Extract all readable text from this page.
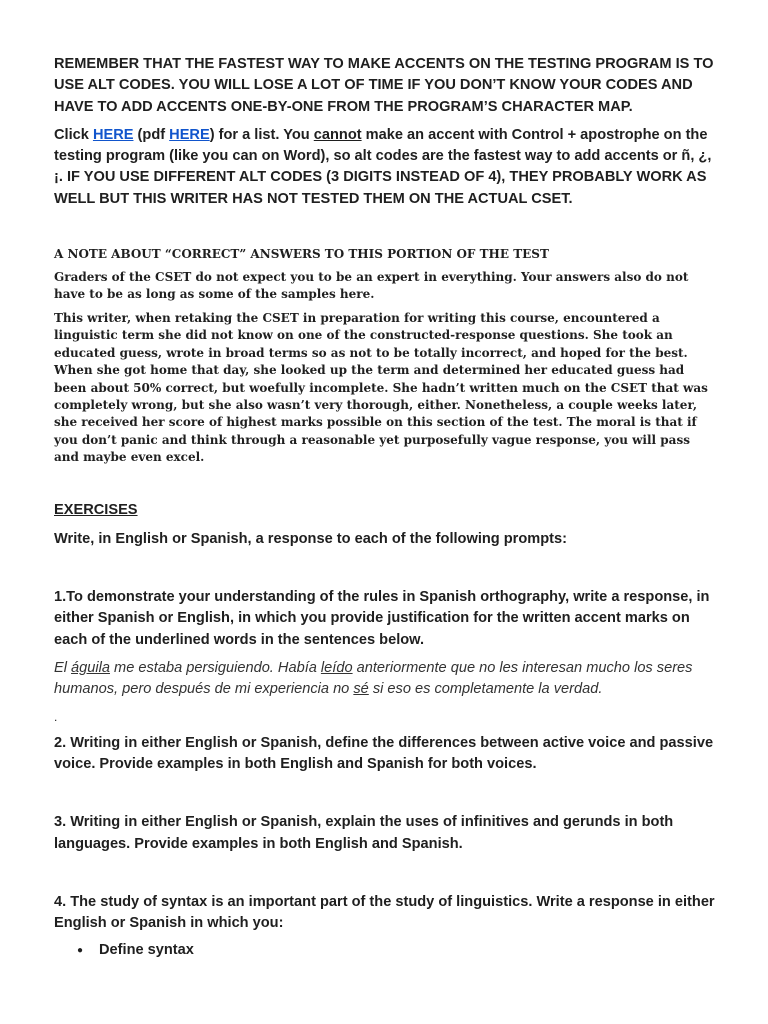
REMEMBER THAT THE FASTEST WAY TO MAKE ACCENTS ON THE TESTING PROGRAM IS TO USE ALT CODES. YOU WILL LOSE A LOT OF TIME IF YOU DON’T KNOW YOUR CODES AND HAVE TO ADD ACCENTS ONE-BY-ONE FROM THE PROGRAM’S CHARACTER MAP.

Click HERE (pdf HERE) for a list. You cannot make an accent with Control + apostrophe on the testing program (like you can on Word), so alt codes are the fastest way to add accents or ñ, ¿, ¡. IF YOU USE DIFFERENT ALT CODES (3 DIGITS INSTEAD OF 4), THEY PROBABLY WORK AS WELL BUT THIS WRITER HAS NOT TESTED THEM ON THE ACTUAL CSET.

A NOTE ABOUT “CORRECT” ANSWERS TO THIS PORTION OF THE TEST

Graders of the CSET do not expect you to be an expert in everything. Your answers also do not have to be as long as some of the samples here.

This writer, when retaking the CSET in preparation for writing this course, encountered a linguistic term she did not know on one of the constructed-response questions. She took an educated guess, wrote in broad terms so as not to be totally incorrect, and hoped for the best. When she got home that day, she looked up the term and determined her educated guess had been about 50% correct, but woefully incomplete. She hadn’t written much on the CSET that was completely wrong, but she also wasn’t very thorough, either. Nonetheless, a couple weeks later, she received her score of highest marks possible on this section of the test. The moral is that if you don’t panic and think through a reasonable yet purposefully vague response, you will pass and maybe even excel.

EXERCISES

Write, in English or Spanish, a response to each of the following prompts:

1.To demonstrate your understanding of the rules in Spanish orthography, write a response, in either Spanish or English, in which you provide justification for the written accent marks on each of the underlined words in the sentences below.

El águila me estaba persiguiendo. Había leído anteriormente que no les interesan mucho los seres humanos, pero después de mi experiencia no sé si eso es completamente la verdad.

.

2. Writing in either English or Spanish, define the differences between active voice and passive voice. Provide examples in both English and Spanish for both voices.

3. Writing in either English or Spanish, explain the uses of infinitives and gerunds in both languages. Provide examples in both English and Spanish.

4. The study of syntax is an important part of the study of linguistics. Write a response in either English or Spanish in which you:

● Define syntax
